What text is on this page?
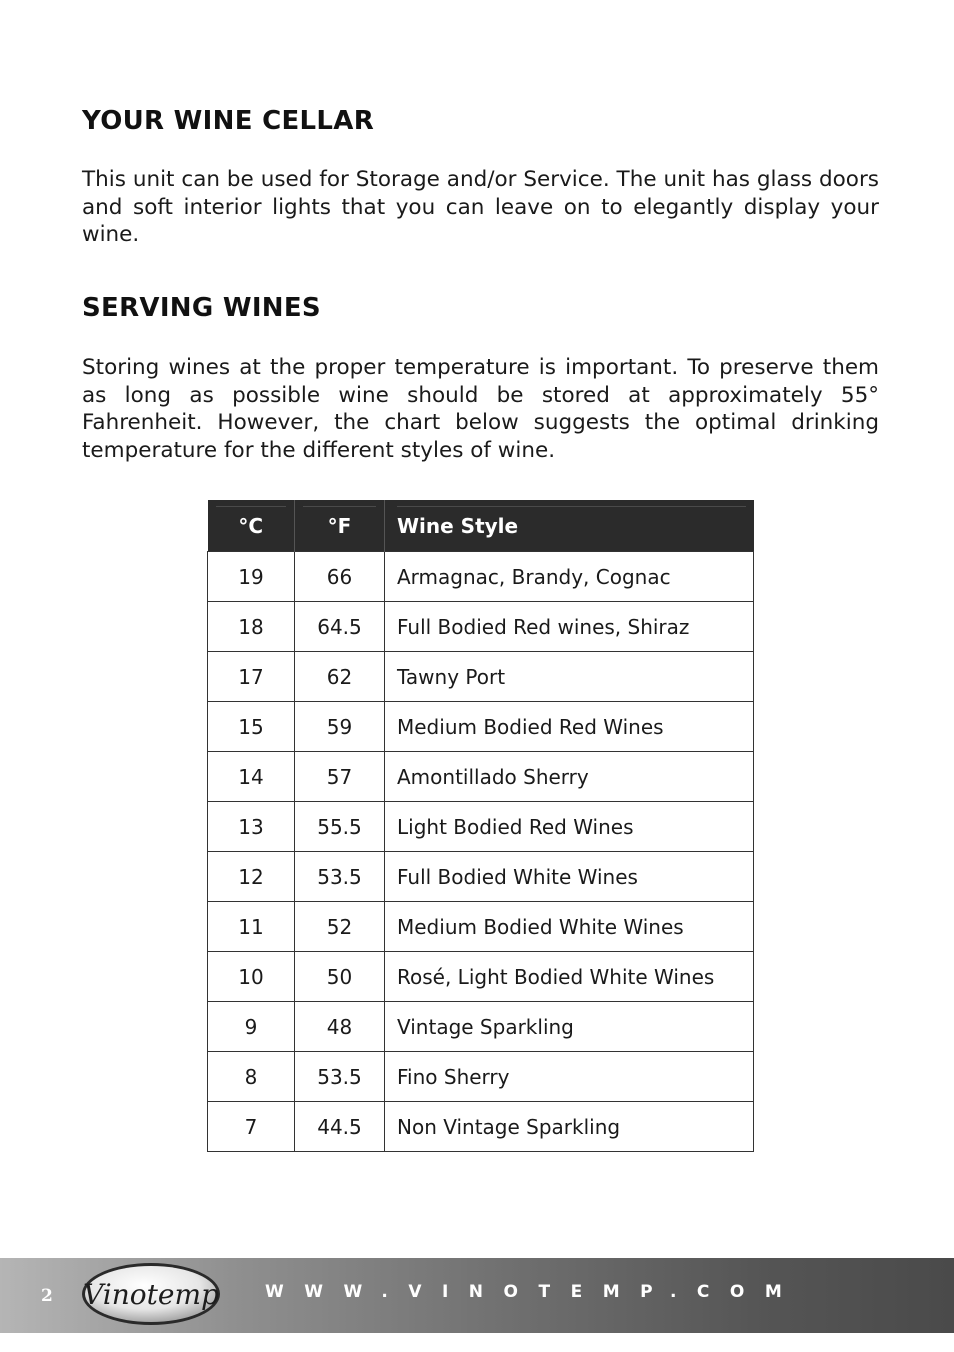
YOUR WINE CELLAR

This unit can be used for Storage and/or Service. The unit has glass doors and soft interior lights that you can leave on to elegantly display your wine.

SERVING WINES

Storing wines at the proper temperature is important. To preserve them as long as possible wine should be stored at approximately 55° Fahrenheit. However, the chart below suggests the optimal drinking temperature for the different styles of wine.

°C	°F	Wine Style

19	66	Armagnac, Brandy, Cognac
18	64.5	Full Bodied Red wines, Shiraz
17	62	Tawny Port
15	59	Medium Bodied Red Wines
14	57	Amontillado Sherry
13	55.5	Light Bodied Red Wines
12	53.5	Full Bodied White Wines
11	52	Medium Bodied White Wines
10	50	Rosé, Light Bodied White Wines
9	48	Vintage Sparkling
8	53.5	Fino Sherry
7	44.5	Non Vintage Sparkling
2 Vinotemp	WWW.VINOTEMP.COM
